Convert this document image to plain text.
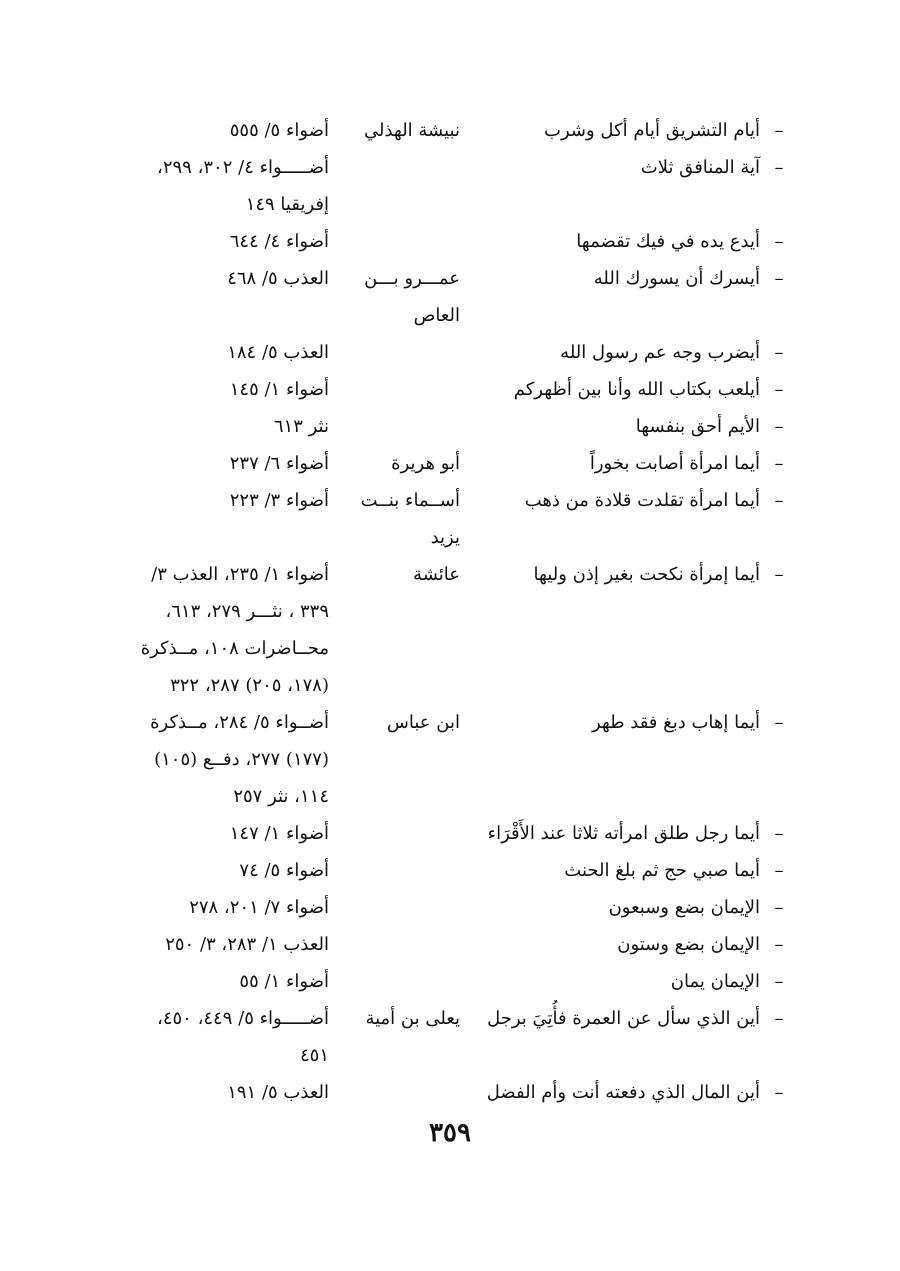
–
أيام التشريق أيام أكل وشرب
نبيشة الهذلي
أضواء ٥/ ٥٥٥
–
آية المنافق ثلاث
أضـــــواء ٤/ ٣٠٢، ٢٩٩،
إفريقيا ١٤٩
–
أيدع يده في فيك تقضمها
أضواء ٤/ ٦٤٤
–
أيسرك أن يسورك الله
عمـــرو بـــن
العاص
العذب ٥/ ٤٦٨
–
أيضرب وجه عم رسول الله
العذب ٥/ ١٨٤
–
أيلعب بكتاب الله وأنا بين أظهركم
أضواء ١/ ١٤٥
–
الأيم أحق بنفسها
نثر ٦١٣
–
أيما امرأة أصابت بخوراً
أبو هريرة
أضواء ٦/ ٢٣٧
–
أيما امرأة تقلدت قلادة من ذهب
أســماء بنــت
يزيد
أضواء ٣/ ٢٢٣
–
أيما إمرأة نكحت بغير إذن وليها
عائشة
أضواء ١/ ٢٣٥، العذب ٣/
٣٣٩ ، نثـــر ٢٧٩، ٦١٣،
محــاضرات ١٠٨، مــذكرة
(١٧٨، ٢٠٥) ٢٨٧، ٣٢٢
–
أيما إهاب دبغ فقد طهر
ابن عباس
أضــواء ٥/ ٢٨٤، مــذكرة
(١٧٧) ٢٧٧، دفــع (١٠٥)
١١٤، نثر ٢٥٧
–
أيما رجل طلق امرأته ثلاثا عند الأَقْرَاء
أضواء ١/ ١٤٧
–
أيما صبي حج ثم بلغ الحنث
أضواء ٥/ ٧٤
–
الإيمان بضع وسبعون
أضواء ٧/ ٢٠١، ٢٧٨
–
الإيمان بضع وستون
العذب ١/ ٢٨٣، ٣/ ٢٥٠
–
الإيمان يمان
أضواء ١/ ٥٥
–
أين الذي سأل عن العمرة فأُتِيَ برجل
يعلى بن أمية
أضـــــواء ٥/ ٤٤٩، ٤٥٠،
٤٥١
–
أين المال الذي دفعته أنت وأم الفضل
العذب ٥/ ١٩١
٣٥٩
